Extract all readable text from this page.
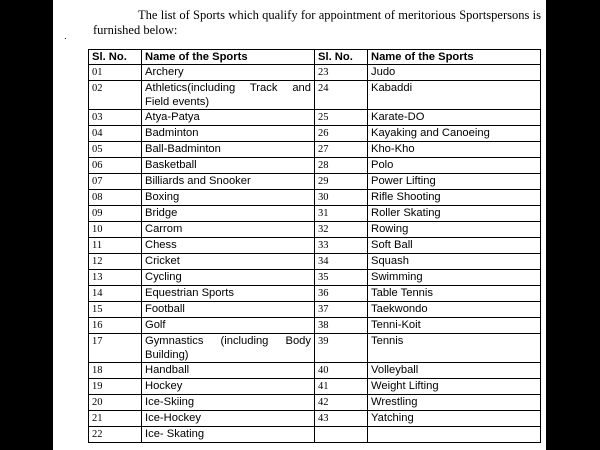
The list of Sports which qualify for appointment of meritorious Sportspersons is furnished below:
.
Sl. No.	Name of the Sports	Sl. No.	Name of the Sports
01	Archery	23	Judo
02	Athletics(including Track and Field events)	24	Kabaddi
03	Atya-Patya	25	Karate-DO
04	Badminton	26	Kayaking and Canoeing
05	Ball-Badminton	27	Kho-Kho
06	Basketball	28	Polo
07	Billiards and Snooker	29	Power Lifting
08	Boxing	30	Rifle Shooting
09	Bridge	31	Roller Skating
10	Carrom	32	Rowing
11	Chess	33	Soft Ball
12	Cricket	34	Squash
13	Cycling	35	Swimming
14	Equestrian Sports	36	Table Tennis
15	Football	37	Taekwondo
16	Golf	38	Tenni-Koit
17	Gymnastics (including Body Building)	39	Tennis
18	Handball	40	Volleyball
19	Hockey	41	Weight Lifting
20	Ice-Skiing	42	Wrestling
21	Ice-Hockey	43	Yatching
22	Ice- Skating		
